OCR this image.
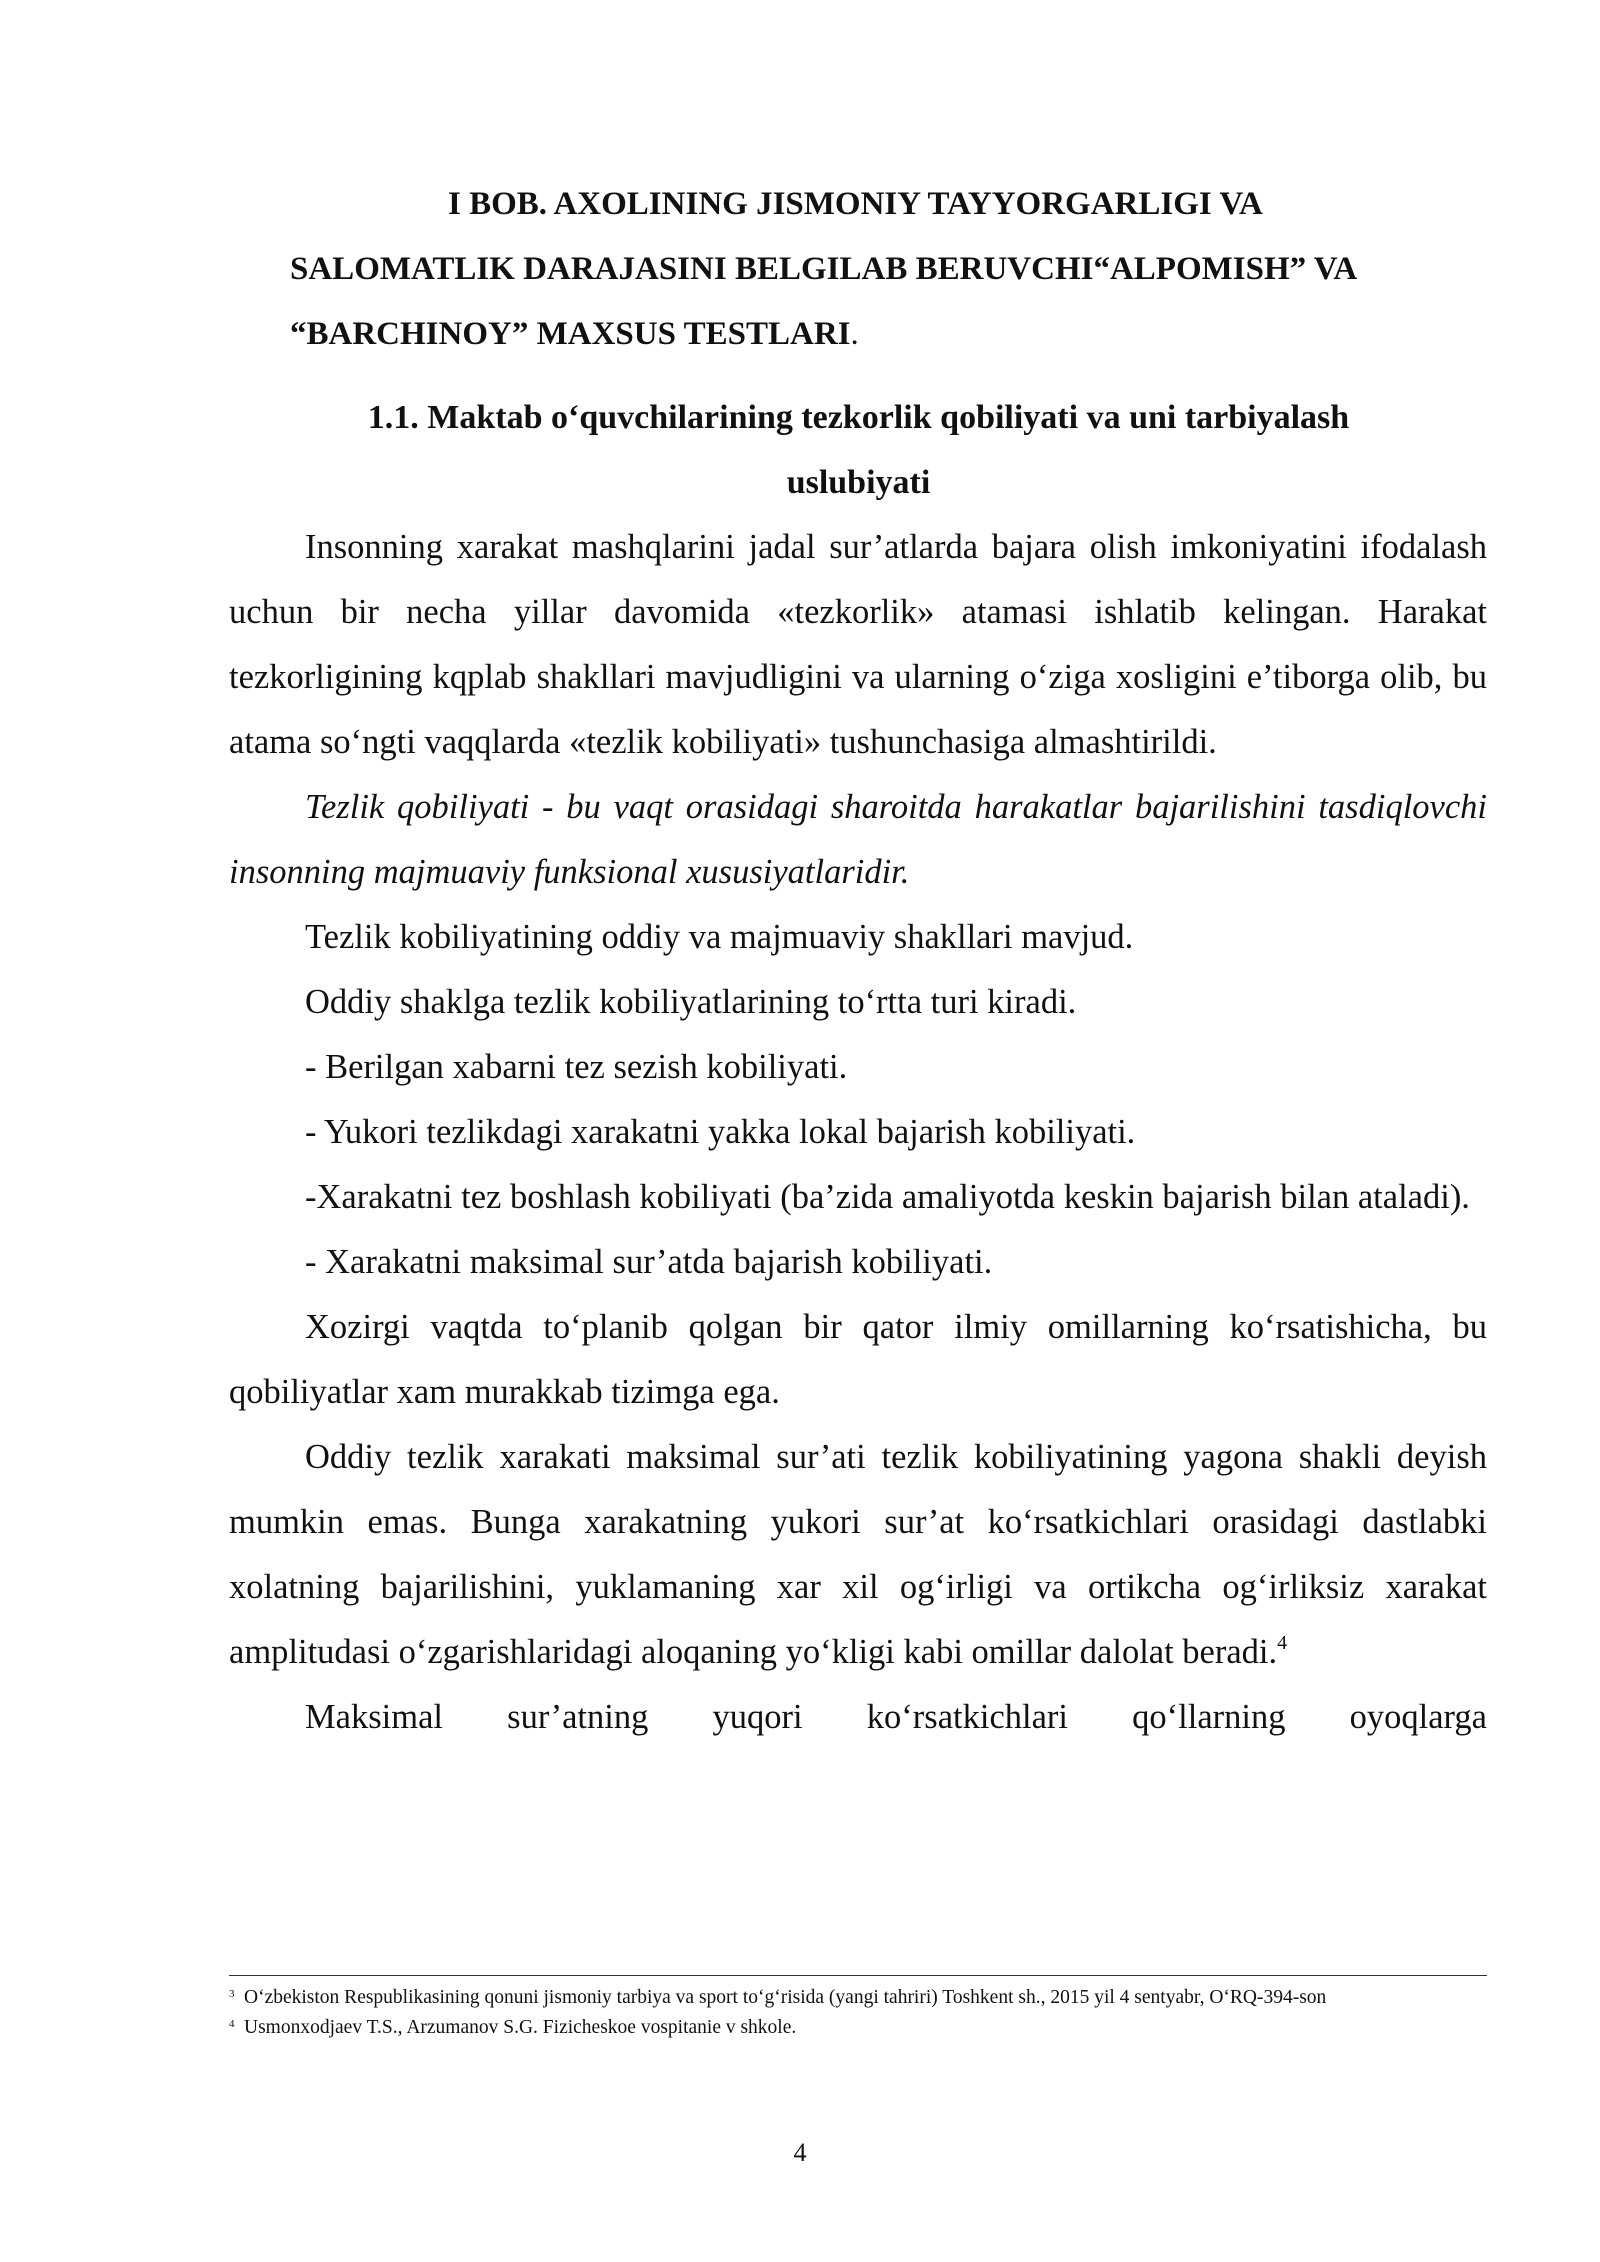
I BOB. AXOLINING JISMONIY TAYYORGARLIGI VA
SALOMATLIK DARAJASINI BELGILAB BERUVCHI“ALPOMISH” VA
“BARCHINOY” MAXSUS TESTLARI.
1.1. Maktab o‘quvchilarining tezkorlik qobiliyati va uni tarbiyalash
uslubiyati

Insonning xarakat mashqlarini jadal sur’atlarda bajara olish imkoniyatini ifodalash uchun bir necha yillar davomida «tezkorlik» atamasi ishlatib kelingan. Harakat tezkorligining kqplab shakllari mavjudligini va ularning o‘ziga xosligini e’tiborga olib, bu atama so‘ngti vaqqlarda «tezlik kobiliyati» tushunchasiga almashtirildi.

Tezlik qobiliyati - bu vaqt orasidagi sharoitda harakatlar bajarilishini tasdiqlovchi insonning majmuaviy funksional xususiyatlaridir.

Tezlik kobiliyatining oddiy va majmuaviy shakllari mavjud.

Oddiy shaklga tezlik kobiliyatlarining to‘rtta turi kiradi.

- Berilgan xabarni tez sezish kobiliyati.

- Yukori tezlikdagi xarakatni yakka lokal bajarish kobiliyati.

-Xarakatni tez boshlash kobiliyati (ba’zida amaliyotda keskin bajarish bilan ataladi).

- Xarakatni maksimal sur’atda bajarish kobiliyati.

Xozirgi vaqtda to‘planib qolgan bir qator ilmiy omillarning ko‘rsatishicha, bu qobiliyatlar xam murakkab tizimga ega.

Oddiy tezlik xarakati maksimal sur’ati tezlik kobiliyatining yagona shakli deyish mumkin emas. Bunga xarakatning yukori sur’at ko‘rsatkichlari orasidagi dastlabki xolatning bajarilishini, yuklamaning xar xil og‘irligi va ortikcha og‘irliksiz xarakat amplitudasi o‘zgarishlaridagi aloqaning yo‘kligi kabi omillar dalolat beradi.$^4$

Maksimal sur’atning yuqori ko‘rsatkichlari qo‘llarning oyoqlarga

3 O‘zbekiston Respublikasining qonuni jismoniy tarbiya va sport to‘g‘risida (yangi tahriri) Toshkent sh., 2015 yil 4 sentyabr, O‘RQ-394-son
4 Usmonxodjaev T.S., Arzumanov S.G. Fizicheskoe vospitanie v shkole.
4
